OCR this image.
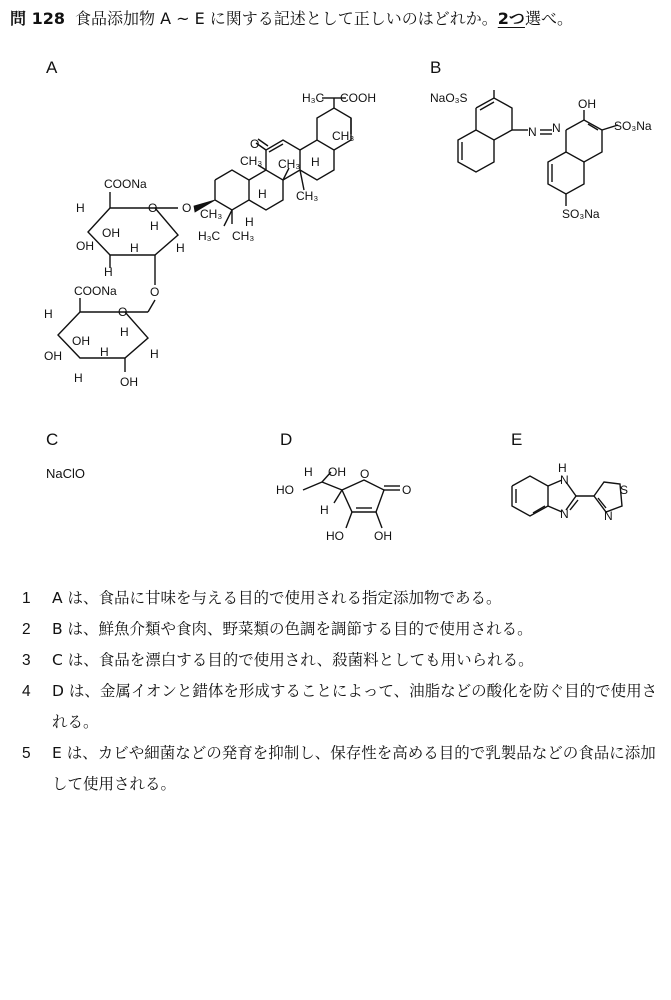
問 128 食品添加物 A ~ E に関する記述として正しいのはどれか。2つ選べ。
A	B
C	D	E
CH₃ CH₃
CH₃
CH₃
CH₃
H₃C COOH
H₃C
O
H
H
H
O CH₃
COONa
O
H
OH
OH
H
H
H
H
O
COONa
O
H
OH
OH
OH
H
H
H
H
NaO₃S
N N
OH
SO₃Na
SO₃Na
NaClO	H OH
HO
H
O
O
HO	OH
H
N
N	N
S
1	A は、食品に甘味を与える目的で使用される指定添加物である。
2	B は、鮮魚介類や食肉、野菜類の色調を調節する目的で使用される。
3	C は、食品を漂白する目的で使用され、殺菌料としても用いられる。
4	D は、金属イオンと錯体を形成することによって、油脂などの酸化を防ぐ目的で使用される。
5	E は、カビや細菌などの発育を抑制し、保存性を高める目的で乳製品などの食品に添加して使用される。
